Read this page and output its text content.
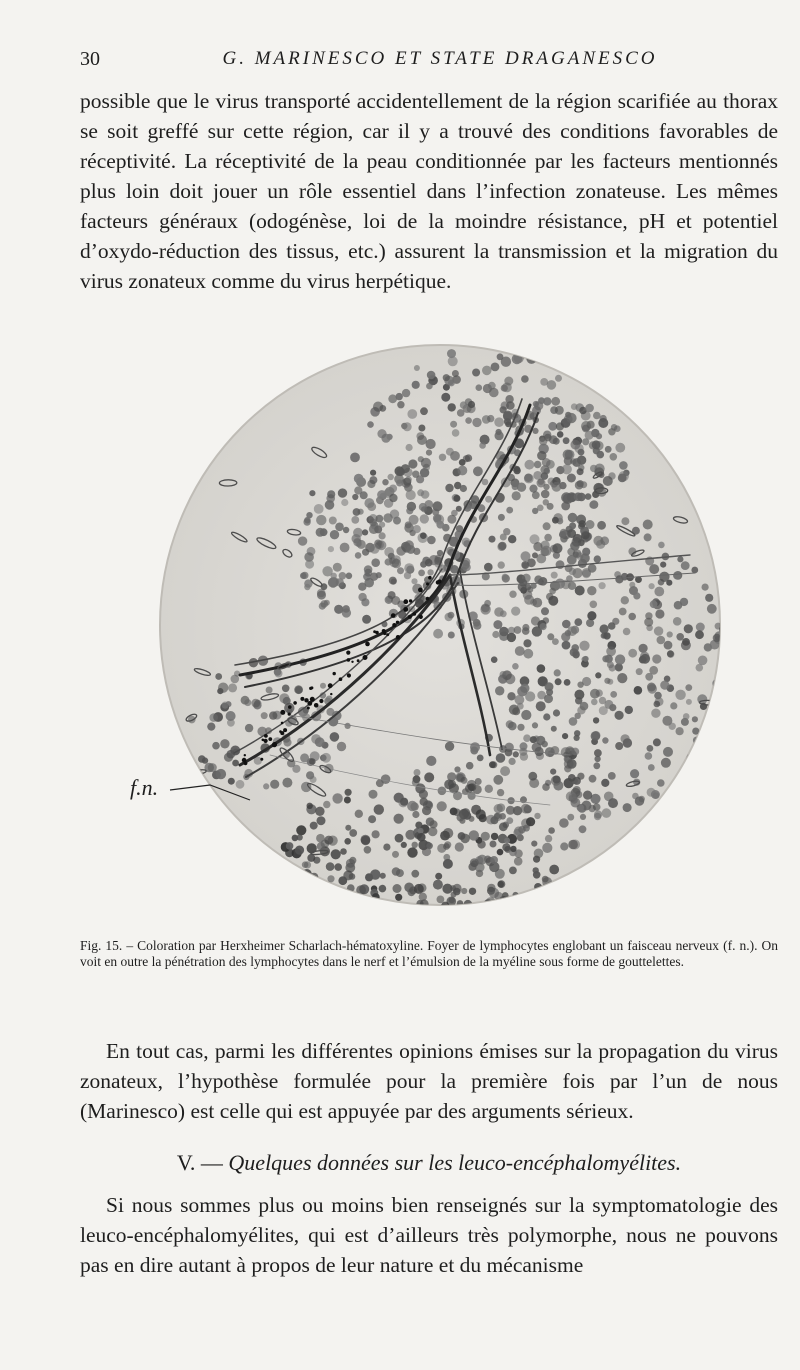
30	G. MARINESCO ET STATE DRAGANESCO

possible que le virus transporté accidentellement de la région scarifiée au thorax se soit greffé sur cette région, car il y a trouvé des conditions favorables de réceptivité. La réceptivité de la peau conditionnée par les facteurs mentionnés plus loin doit jouer un rôle essentiel dans l’infection zonateuse. Les mêmes facteurs généraux (odogénèse, loi de la moindre résistance, pH et potentiel d’oxydo-réduction des tissus, etc.) assurent la transmission et la migration du virus zonateux comme du virus herpétique.

f.n.

Fig. 15. – Coloration par Herxheimer Scharlach-hématoxyline. Foyer de lymphocytes englobant un faisceau nerveux (f. n.). On voit en outre la pénétration des lymphocytes dans le nerf et l’émulsion de la myéline sous forme de gouttelettes.

En tout cas, parmi les différentes opinions émises sur la propagation du virus zonateux, l’hypothèse formulée pour la première fois par l’un de nous (Marinesco) est celle qui est appuyée par des arguments sérieux.

V. — Quelques données sur les leuco-encéphalomyélites.

Si nous sommes plus ou moins bien renseignés sur la symptomatologie des leuco-encéphalomyélites, qui est d’ailleurs très polymorphe, nous ne pouvons pas en dire autant à propos de leur nature et du mécanisme
